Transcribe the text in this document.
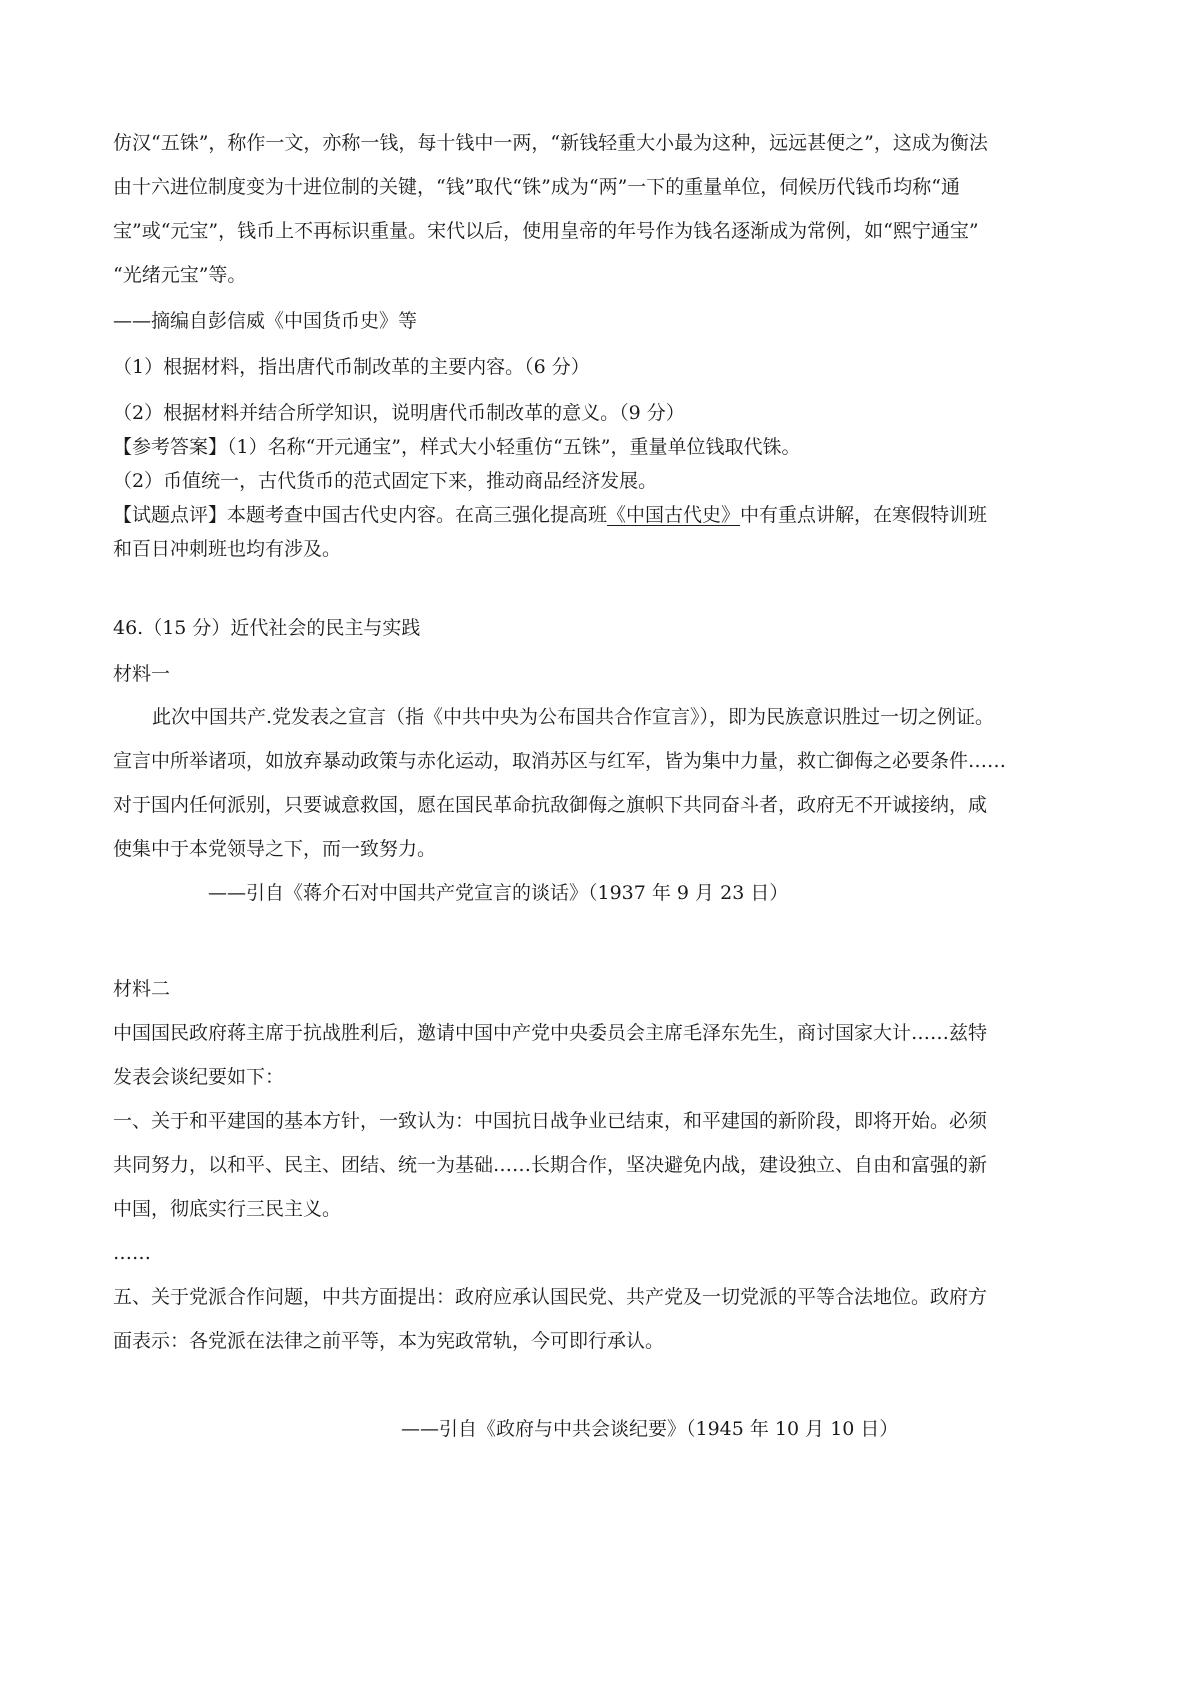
仿汉“五铢”，称作一文，亦称一钱，每十钱中一两，“新钱轻重大小最为这种，远远甚便之”，这成为衡法
由十六进位制度变为十进位制的关键，“钱”取代“铢”成为“两”一下的重量单位，伺候历代钱币均称“通
宝”或“元宝”，钱币上不再标识重量。宋代以后，使用皇帝的年号作为钱名逐渐成为常例，如“熙宁通宝”
“光绪元宝”等。
——摘编自彭信威《中国货币史》等
（1）根据材料，指出唐代币制改革的主要内容。（6 分）
（2）根据材料并结合所学知识，说明唐代币制改革的意义。（9 分）
【参考答案】（1）名称“开元通宝”，样式大小轻重仿“五铢”，重量单位钱取代铢。
（2）币值统一，古代货币的范式固定下来，推动商品经济发展。
【试题点评】本题考查中国古代史内容。在高三强化提高班《中国古代史》中有重点讲解，在寒假特训班
和百日冲刺班也均有涉及。
46.（15 分）近代社会的民主与实践
材料一
此次中国共产.党发表之宣言（指《中共中央为公布国共合作宣言》），即为民族意识胜过一切之例证。
宣言中所举诸项，如放弃暴动政策与赤化运动，取消苏区与红军，皆为集中力量，救亡御侮之必要条件……
对于国内任何派别，只要诚意救国，愿在国民革命抗敌御侮之旗帜下共同奋斗者，政府无不开诚接纳，咸
使集中于本党领导之下，而一致努力。
——引自《蒋介石对中国共产党宣言的谈话》（1937 年 9 月 23 日）
材料二
中国国民政府蒋主席于抗战胜利后，邀请中国中产党中央委员会主席毛泽东先生，商讨国家大计……兹特
发表会谈纪要如下：
一、关于和平建国的基本方针，一致认为：中国抗日战争业已结束，和平建国的新阶段，即将开始。必须
共同努力，以和平、民主、团结、统一为基础……长期合作，坚决避免内战，建设独立、自由和富强的新
中国，彻底实行三民主义。
……
五、关于党派合作问题，中共方面提出：政府应承认国民党、共产党及一切党派的平等合法地位。政府方
面表示：各党派在法律之前平等，本为宪政常轨，今可即行承认。
——引自《政府与中共会谈纪要》（1945 年 10 月 10 日）
